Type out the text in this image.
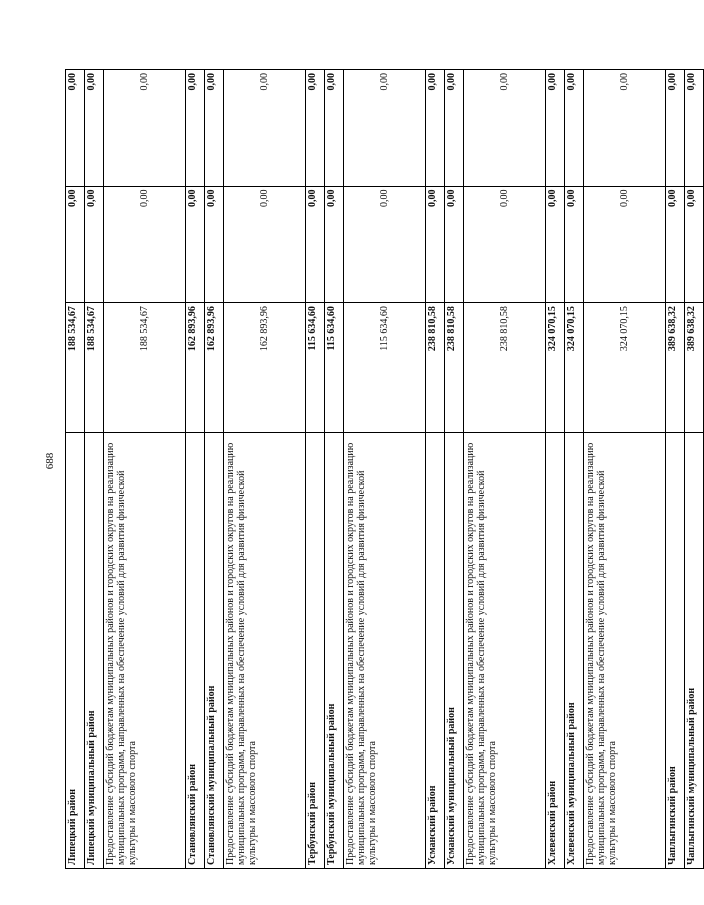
688
Липецкий район	188 534,67	0,00	0,00
Липецкий муниципальный район	188 534,67	0,00	0,00
Предоставление субсидий бюджетам муниципальных районов и городских округов на реализацию муниципальных программ, направленных на обеспечение условий для развития физической культуры и массового спорта	188 534,67	0,00	0,00
Становлянский район	162 893,96	0,00	0,00
Становлянский муниципальный район	162 893,96	0,00	0,00
Предоставление субсидий бюджетам муниципальных районов и городских округов на реализацию муниципальных программ, направленных на обеспечение условий для развития физической культуры и массового спорта	162 893,96	0,00	0,00
Тербунский район	115 634,60	0,00	0,00
Тербунский муниципальный район	115 634,60	0,00	0,00
Предоставление субсидий бюджетам муниципальных районов и городских округов на реализацию муниципальных программ, направленных на обеспечение условий для развития физической культуры и массового спорта	115 634,60	0,00	0,00
Усманский район	238 810,58	0,00	0,00
Усманский муниципальный район	238 810,58	0,00	0,00
Предоставление субсидий бюджетам муниципальных районов и городских округов на реализацию муниципальных программ, направленных на обеспечение условий для развития физической культуры и массового спорта	238 810,58	0,00	0,00
Хлевенский район	324 070,15	0,00	0,00
Хлевенский муниципальный район	324 070,15	0,00	0,00
Предоставление субсидий бюджетам муниципальных районов и городских округов на реализацию муниципальных программ, направленных на обеспечение условий для развития физической культуры и массового спорта	324 070,15	0,00	0,00
Чаплыгинский район	389 638,32	0,00	0,00
Чаплыгинский муниципальный район	389 638,32	0,00	0,00
